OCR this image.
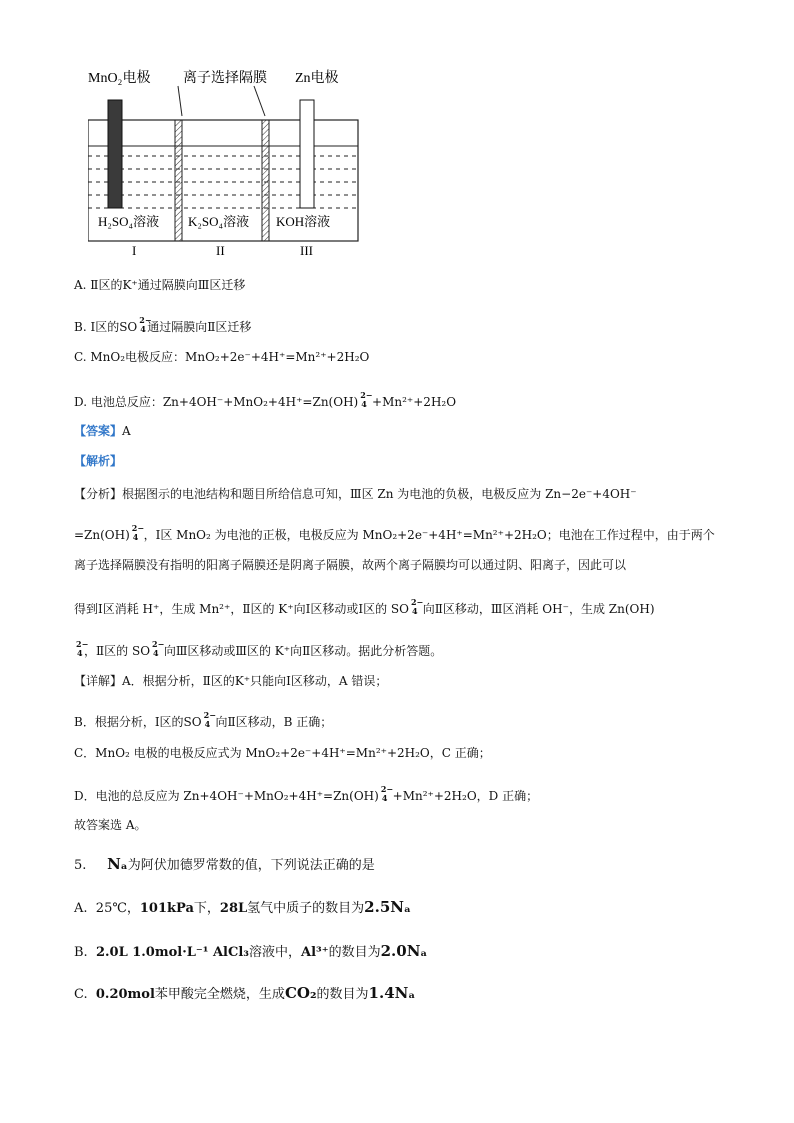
MnO₂电极 离子选择隔膜 Zn电极
H₂SO₄溶液 K₂SO₄溶液 KOH溶液
I	II	III
A. Ⅱ区的K⁺通过隔膜向Ⅲ区迁移
B. Ⅰ区的SO
2−
4 通过隔膜向Ⅱ区迁移
C. MnO₂电极反应：MnO₂+2e⁻+4H⁺=Mn²⁺+2H₂O
D. 电池总反应：Zn+4OH⁻+MnO₂+4H⁺=Zn(OH)
2−
4 +Mn²⁺+2H₂O
【答案】A
【解析】
【分析】根据图示的电池结构和题目所给信息可知，Ⅲ区 Zn 为电池的负极，电极反应为 Zn−2e⁻+4OH⁻
=Zn(OH)
2−
4 ，Ⅰ区 MnO₂ 为电池的正极，电极反应为 MnO₂+2e⁻+4H⁺=Mn²⁺+2H₂O；电池在工作过程中，由于两个
离子选择隔膜没有指明的阳离子隔膜还是阴离子隔膜，故两个离子隔膜均可以通过阴、阳离子，因此可以
得到Ⅰ区消耗 H⁺，生成 Mn²⁺，Ⅱ区的 K⁺向Ⅰ区移动或Ⅰ区的 SO
2−
4 向Ⅱ区移动，Ⅲ区消耗 OH⁻，生成 Zn(OH)
2−
4 ，Ⅱ区的 SO
2−
4 向Ⅲ区移动或Ⅲ区的 K⁺向Ⅱ区移动。据此分析答题。
【详解】A．根据分析，Ⅱ区的K⁺只能向Ⅰ区移动，A 错误；
B．根据分析，Ⅰ区的SO
2−
4 向Ⅱ区移动，B 正确；
C．MnO₂ 电极的电极反应式为 MnO₂+2e⁻+4H⁺=Mn²⁺+2H₂O，C 正确；
D．电池的总反应为 Zn+4OH⁻+MnO₂+4H⁺=Zn(OH)
2−
4 +Mn²⁺+2H₂O，D 正确；
故答案选 A。
5. Nₐ为阿伏加德罗常数的值，下列说法正确的是
A. 25℃，101kPa下，28L氢气中质子的数目为2.5Nₐ
B. 2.0L 1.0mol·L⁻¹ AlCl₃溶液中，Al³⁺的数目为2.0Nₐ
C. 0.20mol苯甲酸完全燃烧，生成CO₂的数目为1.4Nₐ
